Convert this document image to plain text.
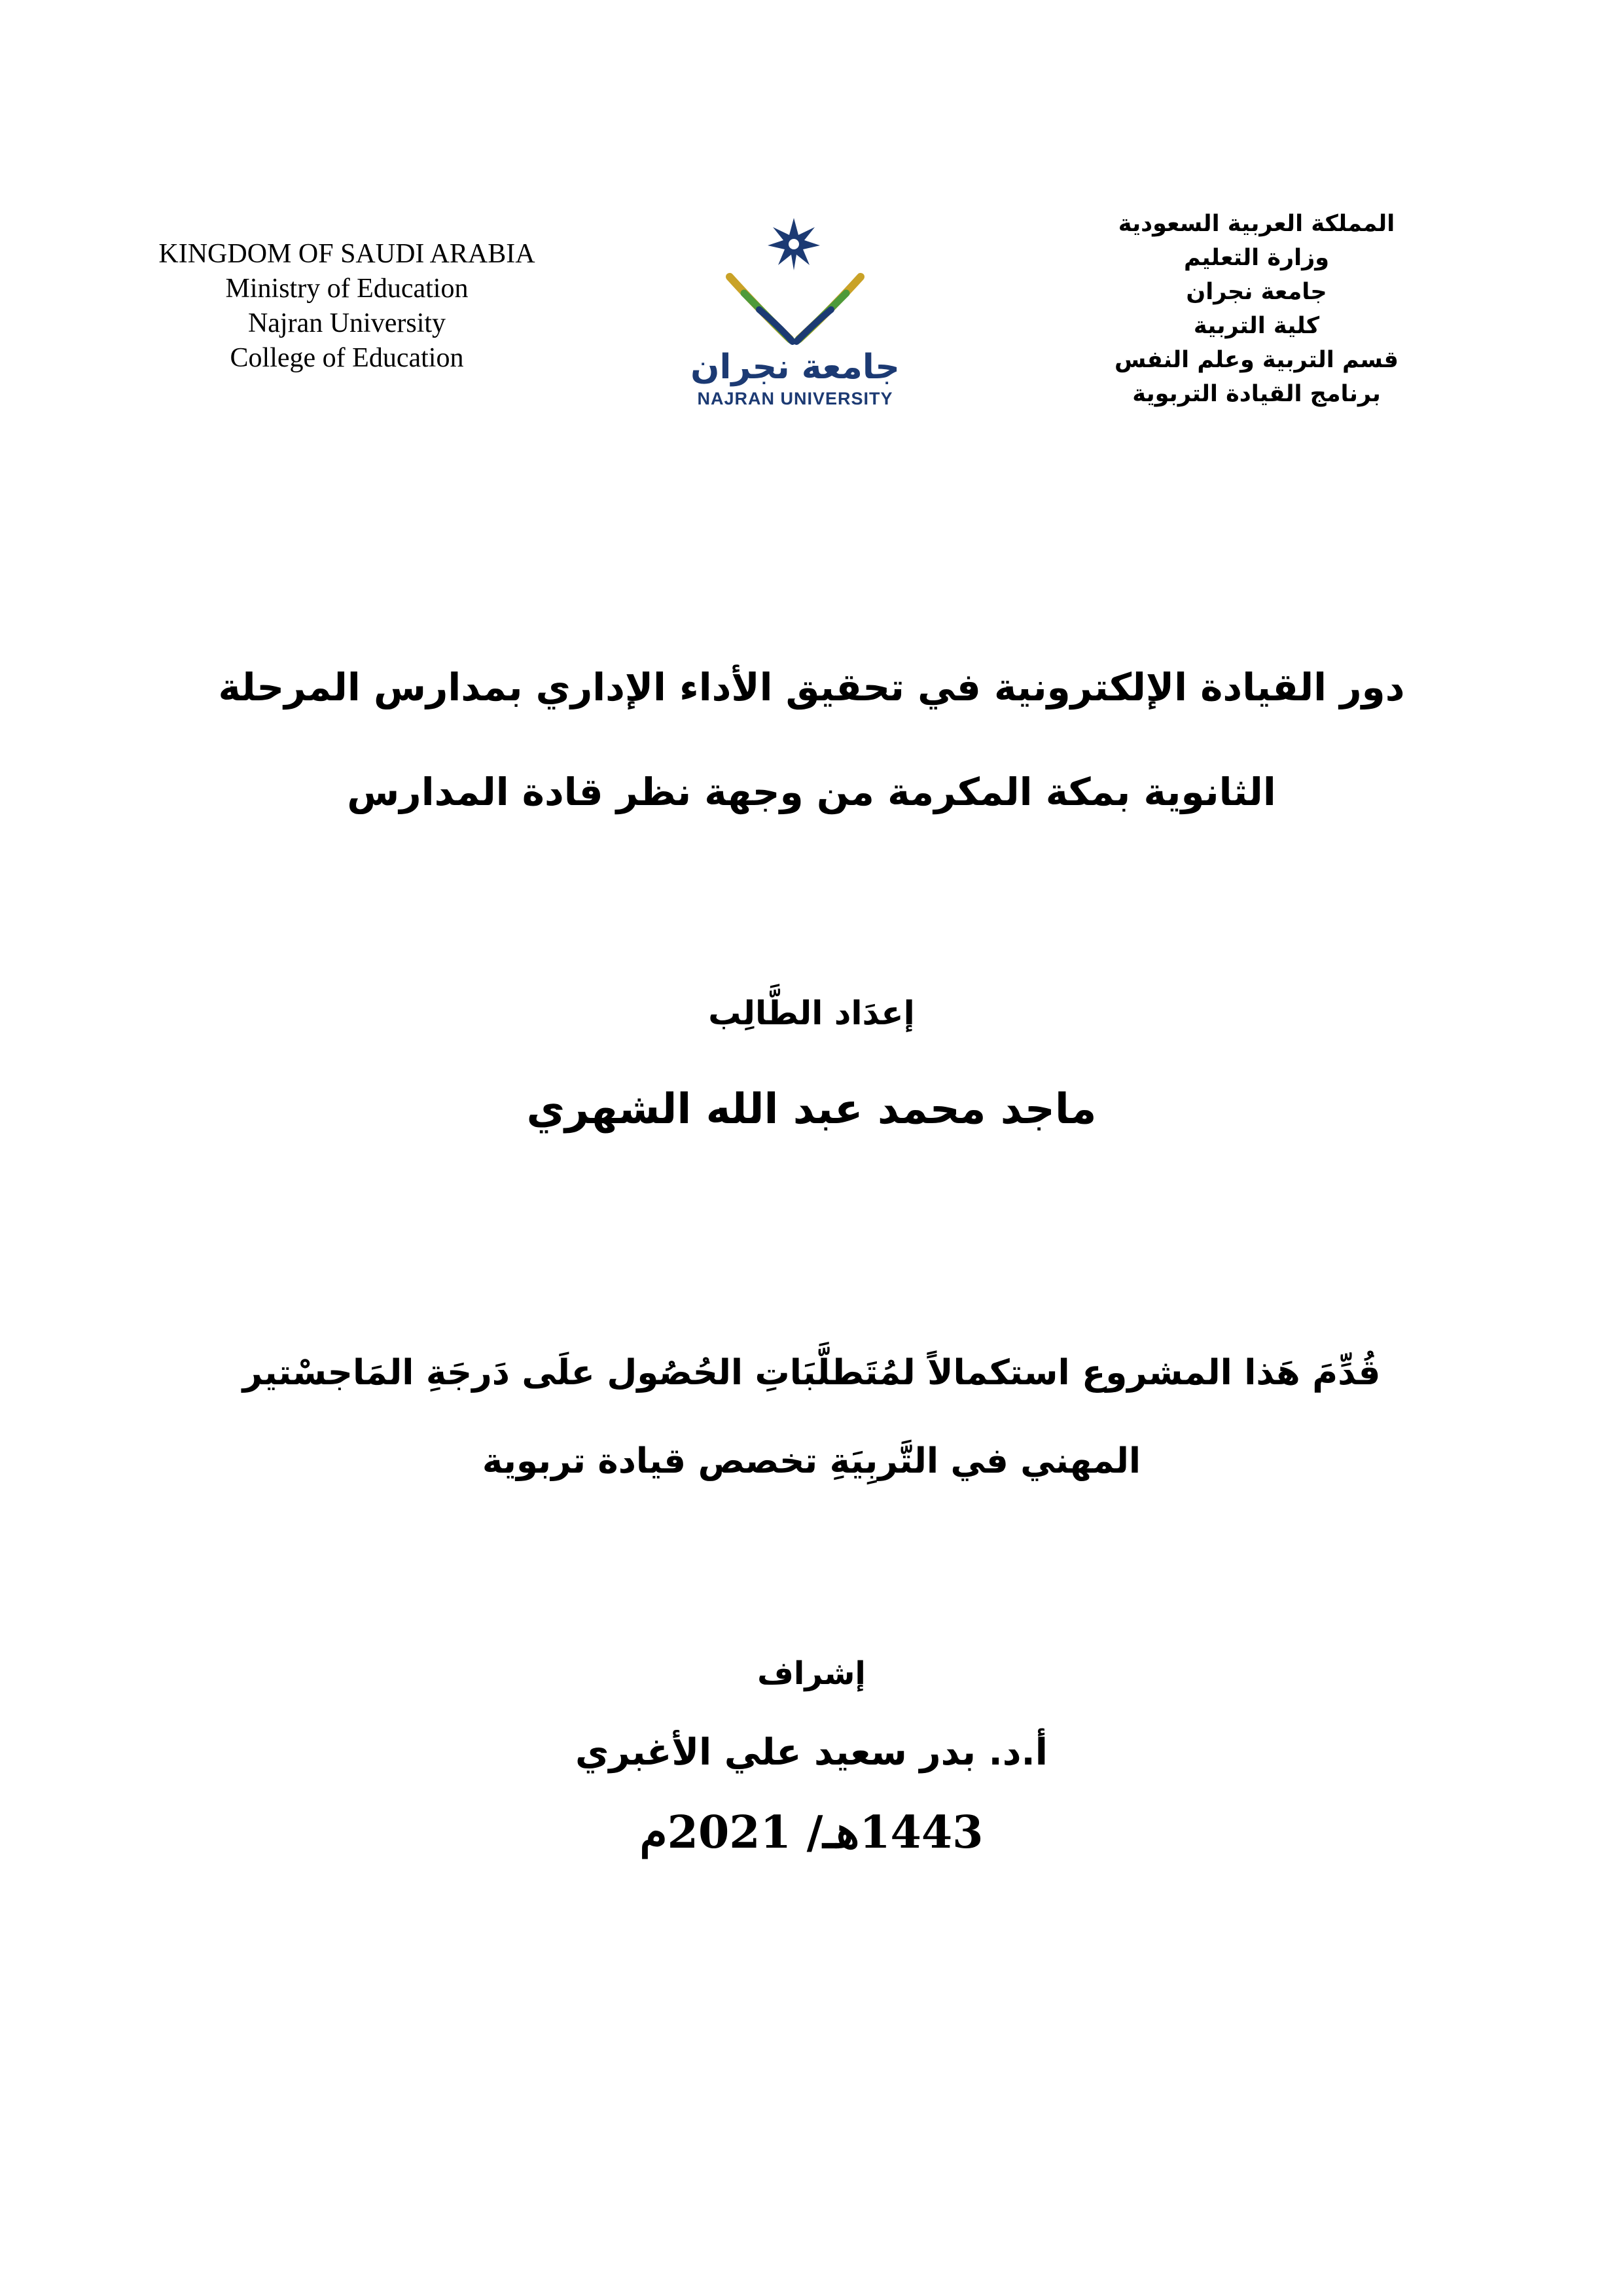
KINGDOM OF SAUDI ARABIA
Ministry of Education
Najran University
College of Education	جامعة نجران
NAJRAN UNIVERSITY
المملكة العربية السعودية
وزارة التعليم
جامعة نجران
كلية التربية
قسم التربية وعلم النفس
برنامج القيادة التربوية
دور القيادة الإلكترونية في تحقيق الأداء الإداري بمدارس المرحلة
الثانوية بمكة المكرمة من وجهة نظر قادة المدارس
إعدَاد الطَّالِب
ماجد محمد عبد الله الشهري
قُدِّمَ هَذا المشروع استكمالاً لمُتَطلَّبَاتِ الحُصُول علَى دَرجَةِ المَاجسْتير
المهني في التَّربِيَةِ تخصص قيادة تربوية
إشراف
أ.د. بدر سعيد علي الأغبري
1443هـ/ 2021م
